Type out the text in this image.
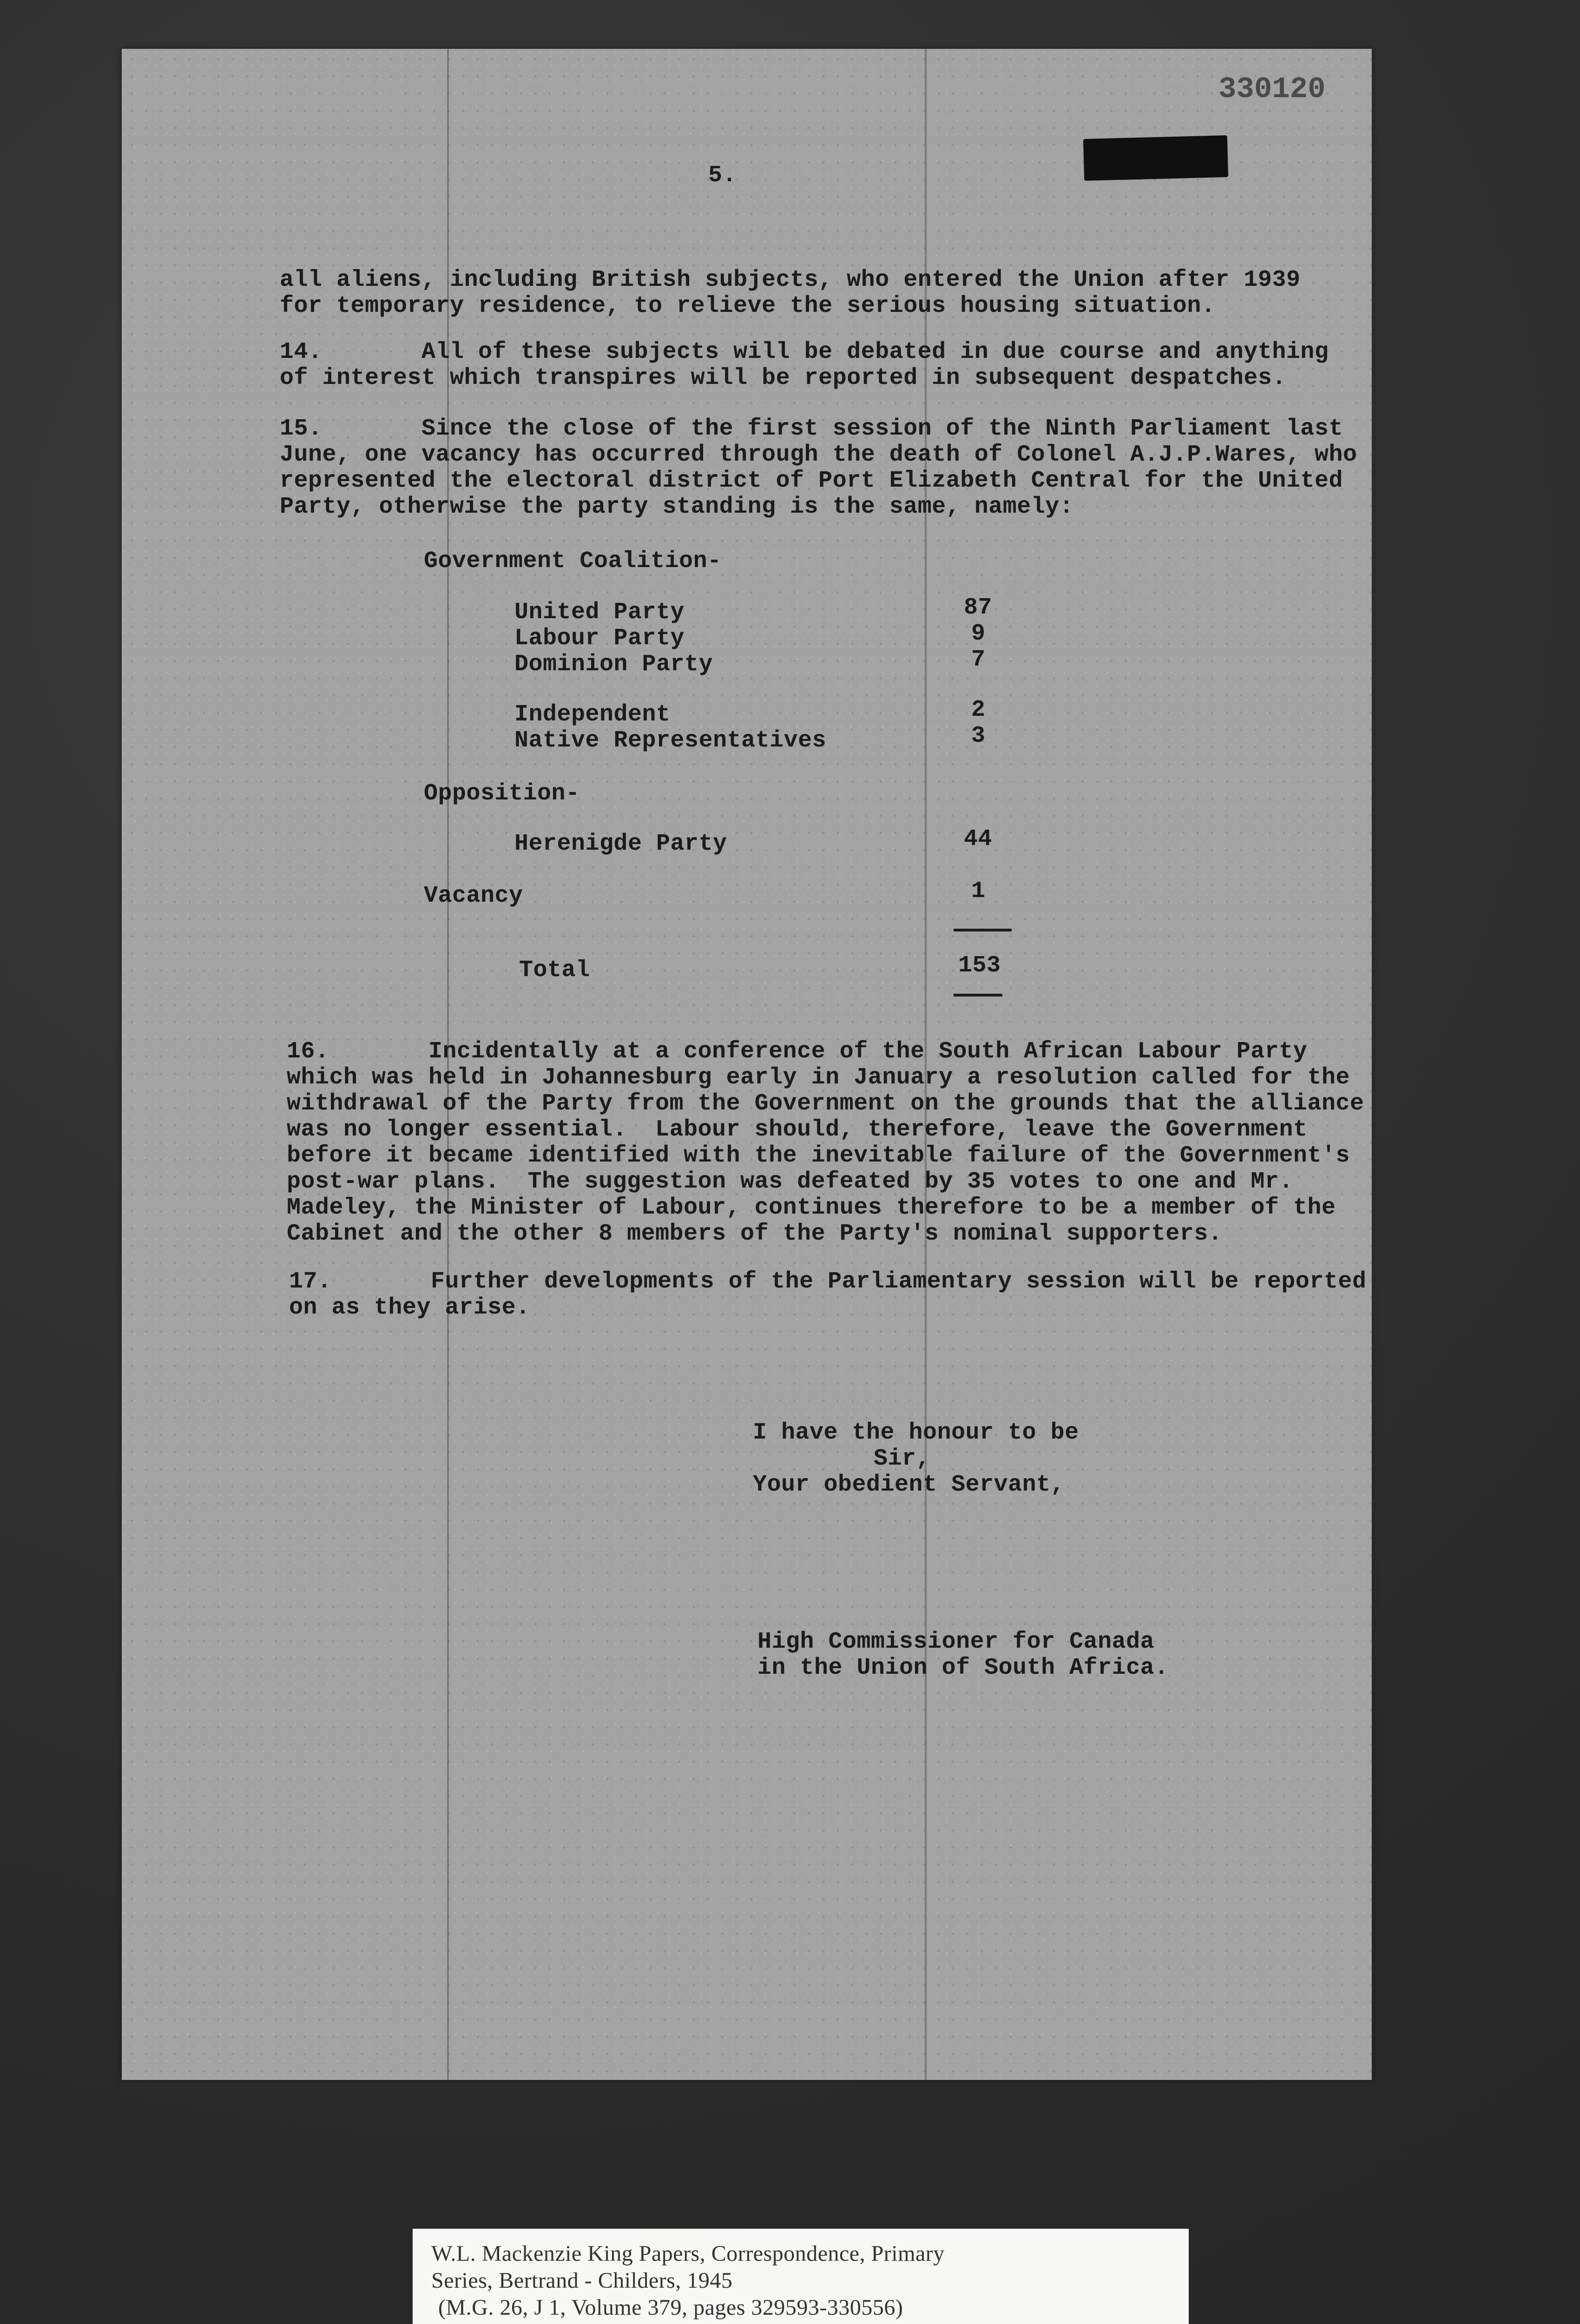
330120
5.
all aliens, including British subjects, who entered the Union after 1939
for temporary residence, to relieve the serious housing situation.
14.	All of these subjects will be debated in due course and anything
of interest which transpires will be reported in subsequent despatches.
15.	Since the close of the first session of the Ninth Parliament last
June, one vacancy has occurred through the death of Colonel A.J.P.Wares, who
represented the electoral district of Port Elizabeth Central for the United
Party, otherwise the party standing is the same, namely:
Government Coalition-
United Party	87
Labour Party	9
Dominion Party	7
Independent	2
Native Representatives	3
Opposition-
Herenigde Party	44
Vacancy	1
Total	153
16.	Incidentally at a conference of the South African Labour Party
which was held in Johannesburg early in January a resolution called for the
withdrawal of the Party from the Government on the grounds that the alliance
was no longer essential.  Labour should, therefore, leave the Government
before it became identified with the inevitable failure of the Government's
post-war plans.  The suggestion was defeated by 35 votes to one and Mr.
Madeley, the Minister of Labour, continues therefore to be a member of the
Cabinet and the other 8 members of the Party's nominal supporters.
17.	Further developments of the Parliamentary session will be reported
on as they arise.
I have the honour to be
Sir,
Your obedient Servant,
High Commissioner for Canada
in the Union of South Africa.
W.L. Mackenzie King Papers, Correspondence, Primary
Series, Bertrand - Childers, 1945
(M.G. 26, J 1, Volume 379, pages 329593-330556)
